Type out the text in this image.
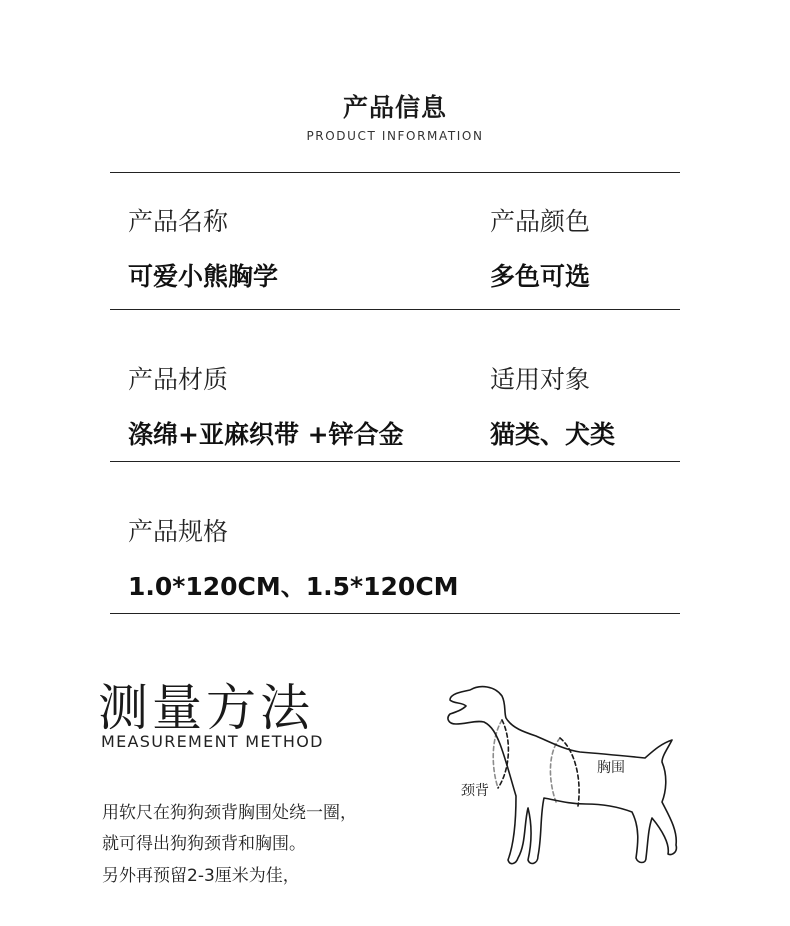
产品信息
PRODUCT INFORMATION
产品名称
可爱小熊胸学
产品颜色
多色可选
产品材质
涤绵+亚麻织带 +锌合金
适用对象
猫类、犬类
产品规格
1.0*120CM、1.5*120CM
测量方法
MEASUREMENT METHOD
用软尺在狗狗颈背胸围处绕一圈，
就可得出狗狗颈背和胸围。
另外再预留2-3厘米为佳，
颈背
胸围
